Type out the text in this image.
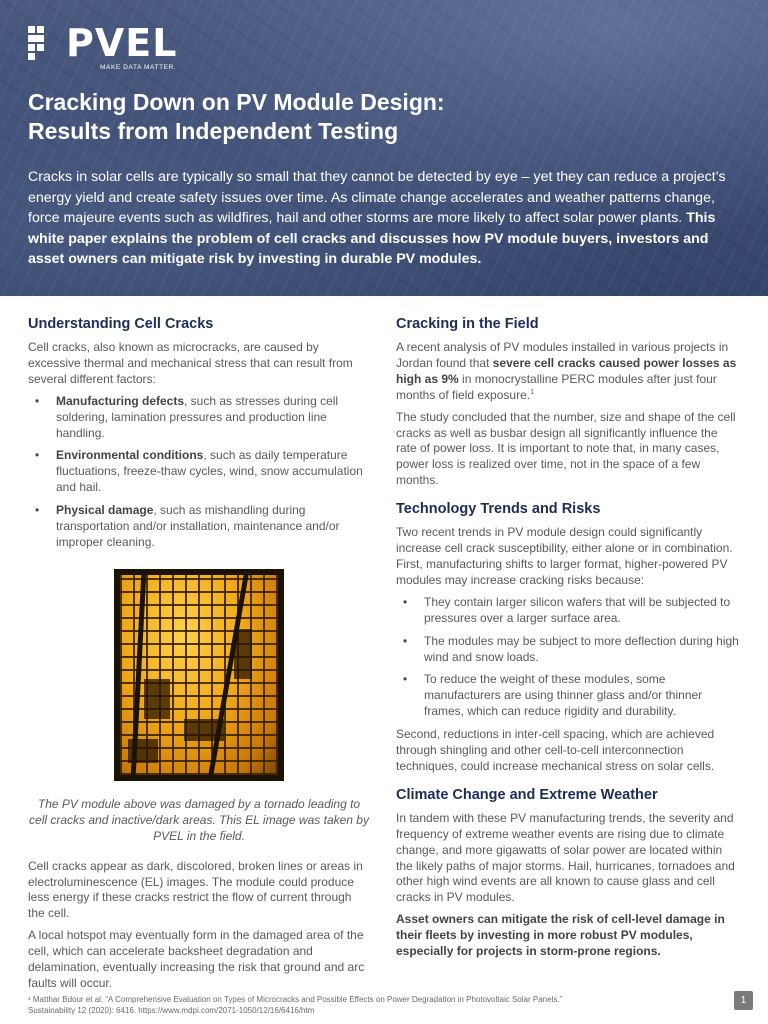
PVEL
MAKE DATA MATTER.
Cracking Down on PV Module Design:
Results from Independent Testing
Cracks in solar cells are typically so small that they cannot be detected by eye – yet they can reduce a project’s energy yield and create safety issues over time. As climate change accelerates and weather patterns change, force majeure events such as wildfires, hail and other storms are more likely to affect solar power plants. This white paper explains the problem of cell cracks and discusses how PV module buyers, investors and asset owners can mitigate risk by investing in durable PV modules.
Understanding Cell Cracks

Cell cracks, also known as microcracks, are caused by excessive thermal and mechanical stress that can result from several different factors:

• Manufacturing defects, such as stresses during cell soldering, lamination pressures and production line handling.
• Environmental conditions, such as daily temperature fluctuations, freeze-thaw cycles, wind, snow accumulation and hail.
• Physical damage, such as mishandling during transportation and/or installation, maintenance and/or improper cleaning.

The PV module above was damaged by a tornado leading to cell cracks and inactive/dark areas. This EL image was taken by PVEL in the field.

Cell cracks appear as dark, discolored, broken lines or areas in electroluminescence (EL) images. The module could produce less energy if these cracks restrict the flow of current through the cell.

A local hotspot may eventually form in the damaged area of the cell, which can accelerate backsheet degradation and delamination, eventually increasing the risk that ground and arc faults will occur.

Cracking in the Field

A recent analysis of PV modules installed in various projects in Jordan found that severe cell cracks caused power losses as high as 9% in monocrystalline PERC modules after just four months of field exposure.$^1$

The study concluded that the number, size and shape of the cell cracks as well as busbar design all significantly influence the rate of power loss. It is important to note that, in many cases, power loss is realized over time, not in the space of a few months.

Technology Trends and Risks

Two recent trends in PV module design could significantly increase cell crack susceptibility, either alone or in combination. First, manufacturing shifts to larger format, higher-powered PV modules may increase cracking risks because:

• They contain larger silicon wafers that will be subjected to pressures over a larger surface area.
• The modules may be subject to more deflection during high wind and snow loads.
• To reduce the weight of these modules, some manufacturers are using thinner glass and/or thinner frames, which can reduce rigidity and durability.

Second, reductions in inter-cell spacing, which are achieved through shingling and other cell-to-cell interconnection techniques, could increase mechanical stress on solar cells.

Climate Change and Extreme Weather

In tandem with these PV manufacturing trends, the severity and frequency of extreme weather events are rising due to climate change, and more gigawatts of solar power are located within the likely paths of major storms. Hail, hurricanes, tornadoes and other high wind events are all known to cause glass and cell cracks in PV modules.

Asset owners can mitigate the risk of cell-level damage in their fleets by investing in more robust PV modules, especially for projects in storm-prone regions.

¹ Matthar Bdour et al, “A Comprehensive Evaluation on Types of Microcracks and Possible Effects on Power Degradation in Photovoltaic Solar Panels.”
Sustainability 12 (2020): 6416. https://www.mdpi.com/2071-1050/12/16/6416/htm
1
